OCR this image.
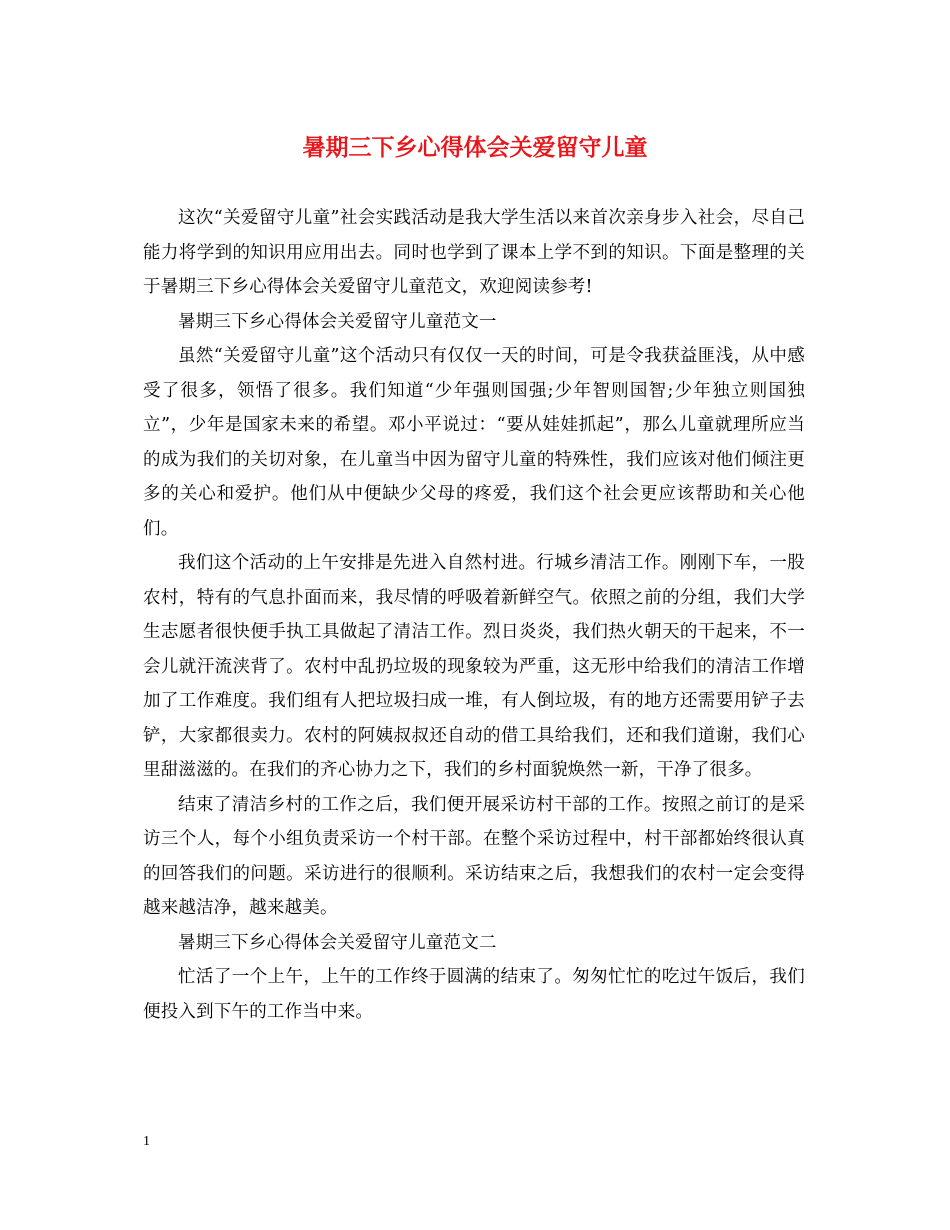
暑期三下乡心得体会关爱留守儿童

这次“关爱留守儿童”社会实践活动是我大学生活以来首次亲身步入社会，尽自己能力将学到的知识用应用出去。同时也学到了课本上学不到的知识。下面是整理的关于暑期三下乡心得体会关爱留守儿童范文，欢迎阅读参考!

暑期三下乡心得体会关爱留守儿童范文一

虽然“关爱留守儿童”这个活动只有仅仅一天的时间，可是令我获益匪浅，从中感受了很多，领悟了很多。我们知道“少年强则国强;少年智则国智;少年独立则国独立”，少年是国家未来的希望。邓小平说过：“要从娃娃抓起”，那么儿童就理所应当的成为我们的关切对象，在儿童当中因为留守儿童的特殊性，我们应该对他们倾注更多的关心和爱护。他们从中便缺少父母的疼爱，我们这个社会更应该帮助和关心他们。

我们这个活动的上午安排是先进入自然村进。行城乡清洁工作。刚刚下车，一股农村，特有的气息扑面而来，我尽情的呼吸着新鲜空气。依照之前的分组，我们大学生志愿者很快便手执工具做起了清洁工作。烈日炎炎，我们热火朝天的干起来，不一会儿就汗流浃背了。农村中乱扔垃圾的现象较为严重，这无形中给我们的清洁工作增加了工作难度。我们组有人把垃圾扫成一堆，有人倒垃圾，有的地方还需要用铲子去铲，大家都很卖力。农村的阿姨叔叔还自动的借工具给我们，还和我们道谢，我们心里甜滋滋的。在我们的齐心协力之下，我们的乡村面貌焕然一新，干净了很多。

结束了清洁乡村的工作之后，我们便开展采访村干部的工作。按照之前订的是采访三个人，每个小组负责采访一个村干部。在整个采访过程中，村干部都始终很认真的回答我们的问题。采访进行的很顺利。采访结束之后，我想我们的农村一定会变得越来越洁净，越来越美。

暑期三下乡心得体会关爱留守儿童范文二

忙活了一个上午，上午的工作终于圆满的结束了。匆匆忙忙的吃过午饭后，我们便投入到下午的工作当中来。

1
